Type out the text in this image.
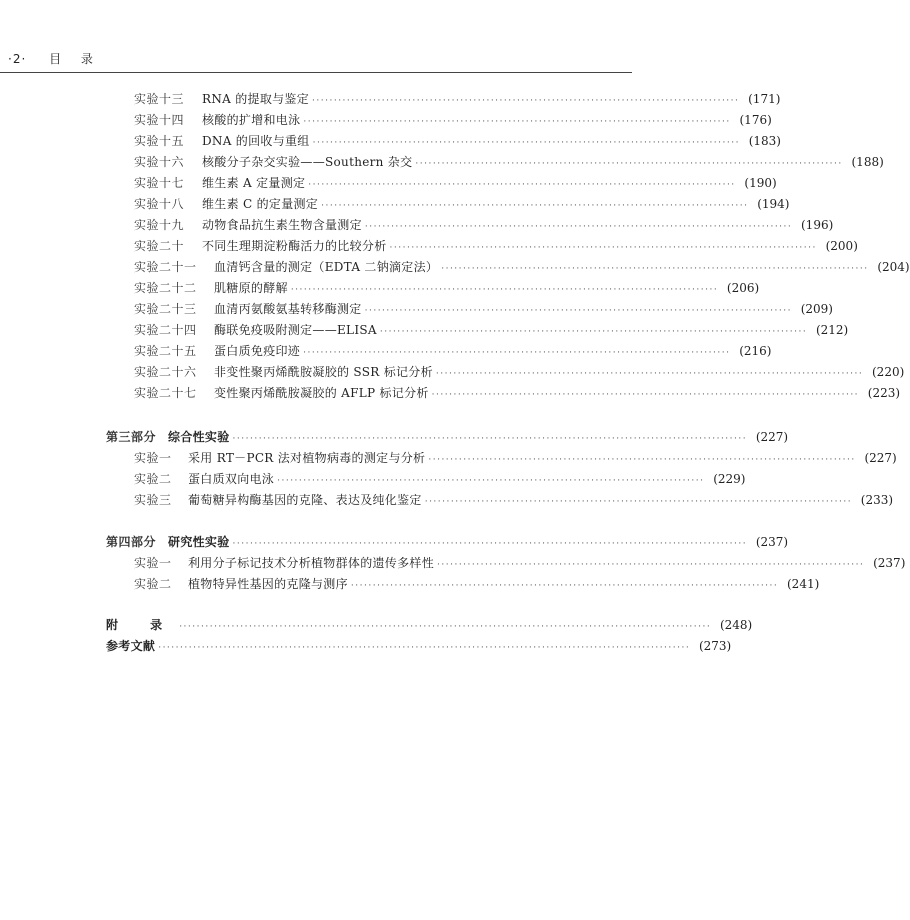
·2· 目 录
实验十三	RNA 的提取与鉴定 ·································································································· (171)
实验十四	核酸的扩增和电泳 ·································································································· (176)
实验十五	DNA 的回收与重组 ·································································································· (183)
实验十六	核酸分子杂交实验——Southern 杂交 ·································································································· (188)
实验十七	维生素 A 定量测定 ·································································································· (190)
实验十八	维生素 C 的定量测定 ·································································································· (194)
实验十九	动物食品抗生素生物含量测定 ·································································································· (196)
实验二十	不同生理期淀粉酶活力的比较分析 ·································································································· (200)
实验二十一	血清钙含量的测定（EDTA 二钠滴定法） ·································································································· (204)
实验二十二	肌糖原的酵解 ·································································································· (206)
实验二十三	血清丙氨酸氨基转移酶测定 ·································································································· (209)
实验二十四	酶联免疫吸附测定——ELISA ·································································································· (212)
实验二十五	蛋白质免疫印迹 ·································································································· (216)
实验二十六	非变性聚丙烯酰胺凝胶的 SSR 标记分析 ·································································································· (220)
实验二十七	变性聚丙烯酰胺凝胶的 AFLP 标记分析 ·································································································· (223)
第三部分 综合性实验 ······················································································································ (227)
实验一	采用 RT－PCR 法对植物病毒的测定与分析 ·································································································· (227)
实验二	蛋白质双向电泳 ·································································································· (229)
实验三	葡萄糖异构酶基因的克隆、表达及纯化鉴定 ·································································································· (233)
第四部分 研究性实验 ······················································································································ (237)
实验一	利用分子标记技术分析植物群体的遗传多样性 ·································································································· (237)
实验二	植物特异性基因的克隆与测序 ·································································································· (241)
附 录 ·························································································································· (248)
参考文献 ·························································································································· (273)
